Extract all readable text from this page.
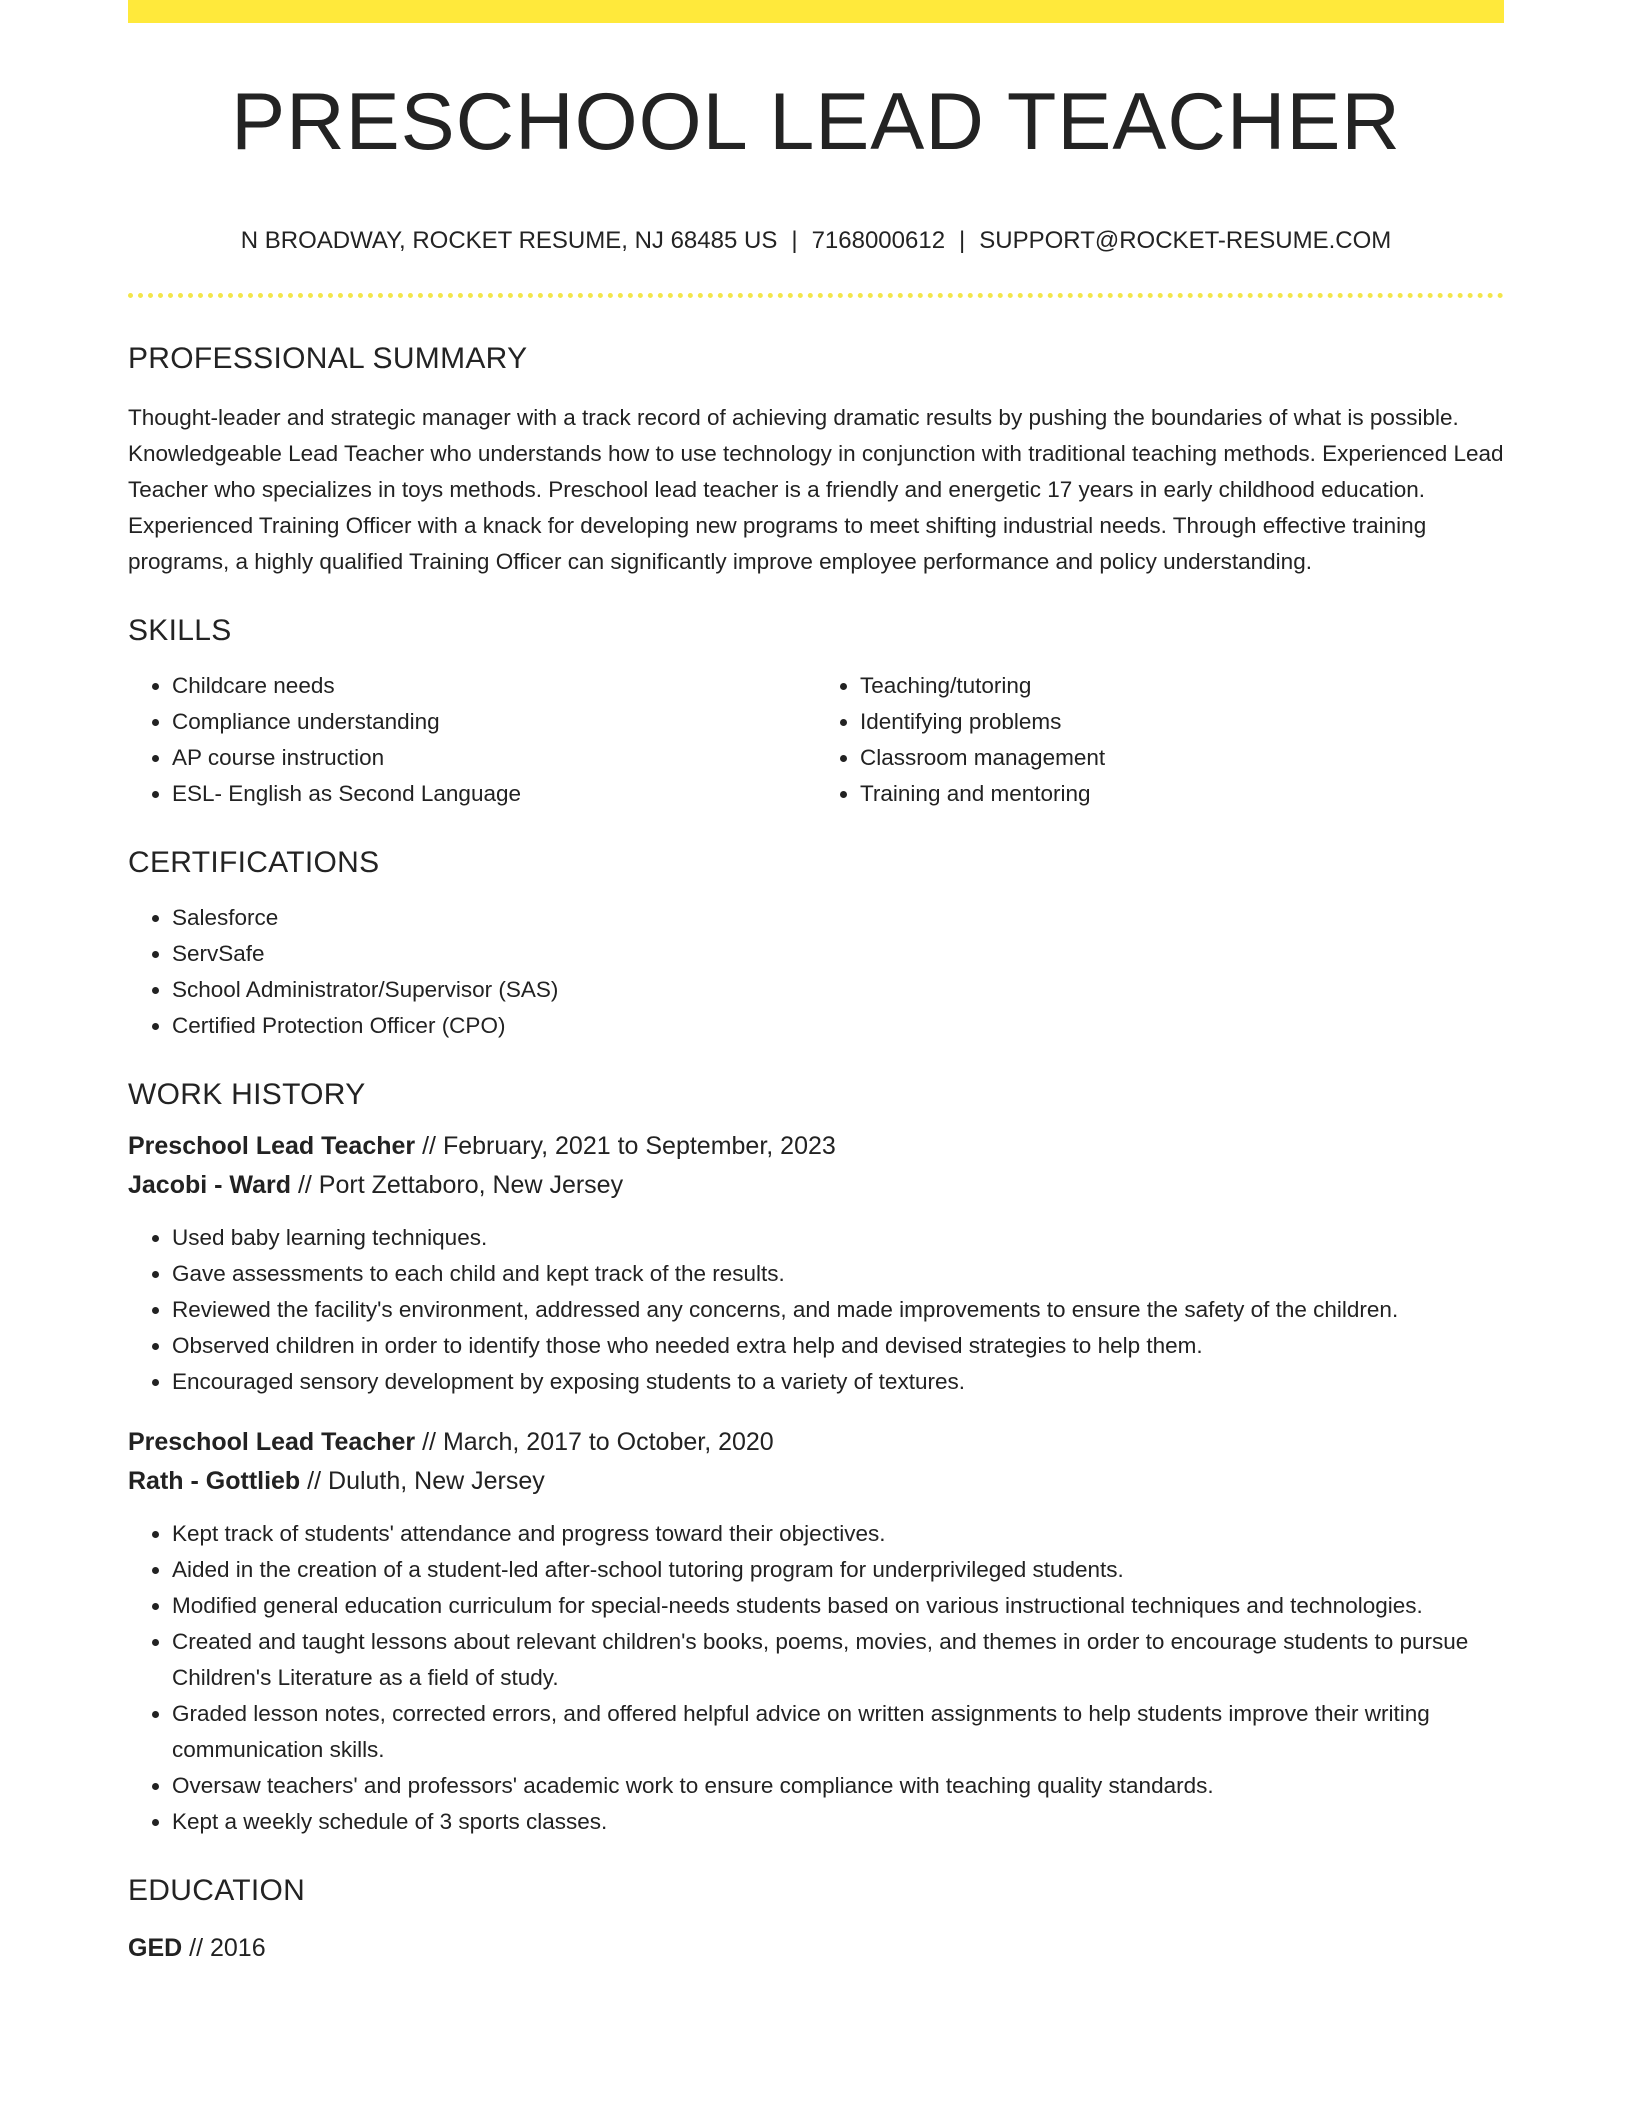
PRESCHOOL LEAD TEACHER
N BROADWAY, ROCKET RESUME, NJ 68485 US | 7168000612 | SUPPORT@ROCKET-RESUME.COM
PROFESSIONAL SUMMARY
Thought-leader and strategic manager with a track record of achieving dramatic results by pushing the boundaries of what is possible. Knowledgeable Lead Teacher who understands how to use technology in conjunction with traditional teaching methods. Experienced Lead Teacher who specializes in toys methods. Preschool lead teacher is a friendly and energetic 17 years in early childhood education. Experienced Training Officer with a knack for developing new programs to meet shifting industrial needs. Through effective training programs, a highly qualified Training Officer can significantly improve employee performance and policy understanding.
SKILLS
• Childcare needs
• Compliance understanding
• AP course instruction
• ESL- English as Second Language
• Teaching/tutoring
• Identifying problems
• Classroom management
• Training and mentoring
CERTIFICATIONS
• Salesforce
• ServSafe
• School Administrator/Supervisor (SAS)
• Certified Protection Officer (CPO)
WORK HISTORY
Preschool Lead Teacher // February, 2021 to September, 2023
Jacobi - Ward // Port Zettaboro, New Jersey
• Used baby learning techniques.
• Gave assessments to each child and kept track of the results.
• Reviewed the facility's environment, addressed any concerns, and made improvements to ensure the safety of the children.
• Observed children in order to identify those who needed extra help and devised strategies to help them.
• Encouraged sensory development by exposing students to a variety of textures.
Preschool Lead Teacher // March, 2017 to October, 2020
Rath - Gottlieb // Duluth, New Jersey
• Kept track of students' attendance and progress toward their objectives.
• Aided in the creation of a student-led after-school tutoring program for underprivileged students.
• Modified general education curriculum for special-needs students based on various instructional techniques and technologies.
• Created and taught lessons about relevant children's books, poems, movies, and themes in order to encourage students to pursue Children's Literature as a field of study.
• Graded lesson notes, corrected errors, and offered helpful advice on written assignments to help students improve their writing communication skills.
• Oversaw teachers' and professors' academic work to ensure compliance with teaching quality standards.
• Kept a weekly schedule of 3 sports classes.
EDUCATION
GED // 2016
